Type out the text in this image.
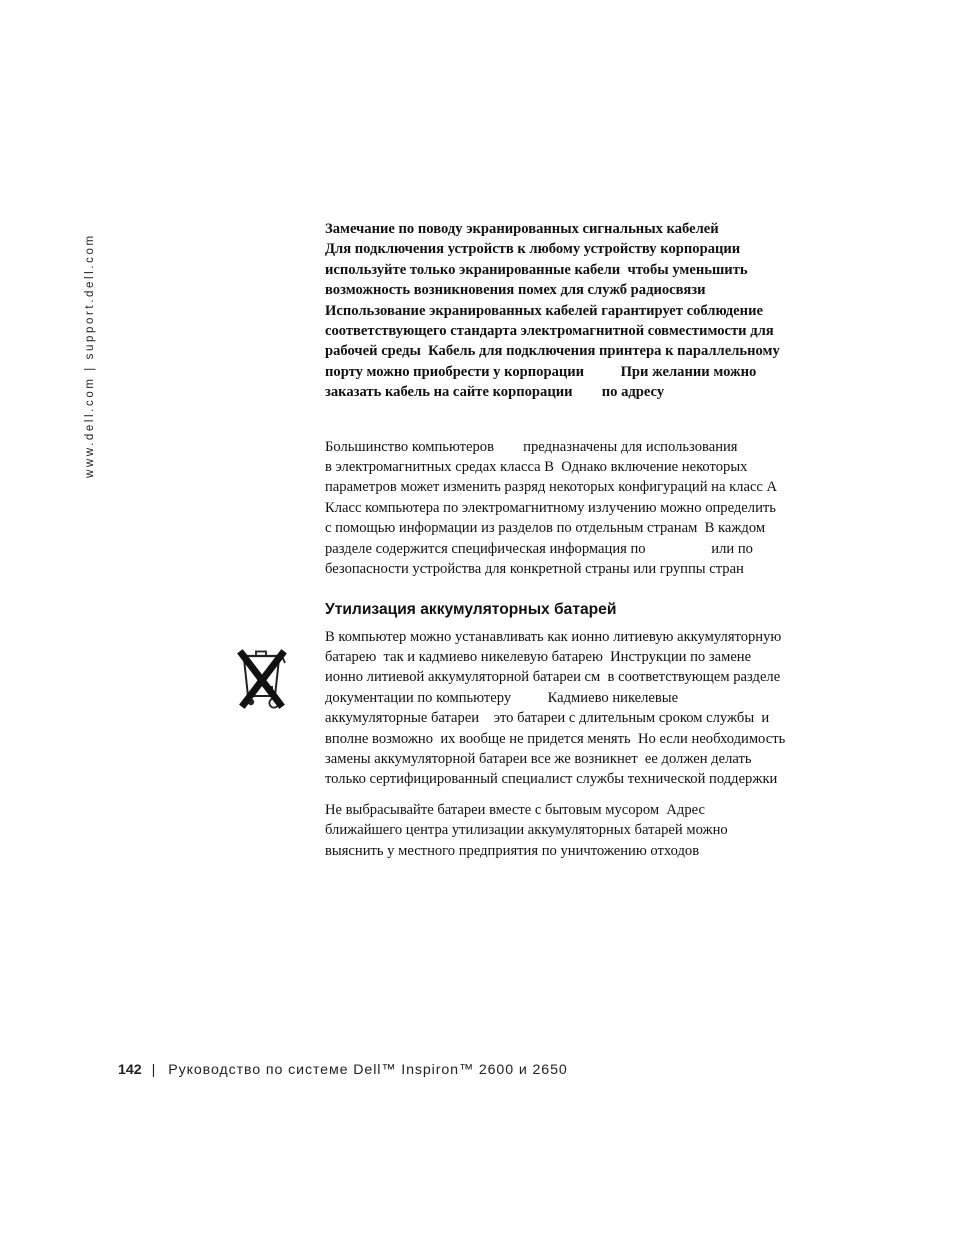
www.dell.com | support.dell.com
Замечание по поводу экранированных сигнальных кабелей
Для подключения устройств к любому устройству корпорации
используйте только экранированные кабели  чтобы уменьшить
возможность возникновения помех для служб радиосвязи
Использование экранированных кабелей гарантирует соблюдение
соответствующего стандарта электромагнитной совместимости для
рабочей среды  Кабель для подключения принтера к параллельному
порту можно приобрести у корпорации          При желании можно
заказать кабель на сайте корпорации        по адресу
Большинство компьютеров        предназначены для использования
в электромагнитных средах класса В  Однако включение некоторых
параметров может изменить разряд некоторых конфигураций на класс А
Класс компьютера по электромагнитному излучению можно определить
с помощью информации из разделов по отдельным странам  В каждом
разделе содержится специфическая информация по                  или по
безопасности устройства для конкретной страны или группы стран
Утилизация аккумуляторных батарей
В компьютер можно устанавливать как ионно литиевую аккумуляторную
батарею  так и кадмиево никелевую батарею  Инструкции по замене
ионно литиевой аккумуляторной батареи см  в соответствующем разделе
документации по компьютеру          Кадмиево никелевые
аккумуляторные батареи    это батареи с длительным сроком службы  и
вполне возможно  их вообще не придется менять  Но если необходимость
замены аккумуляторной батареи все же возникнет  ее должен делать
только сертифицированный специалист службы технической поддержки
Не выбрасывайте батареи вместе с бытовым мусором  Адрес
ближайшего центра утилизации аккумуляторных батарей можно
выяснить у местного предприятия по уничтожению отходов
142 | Руководство по системе Dell™ Inspiron™ 2600 и 2650
